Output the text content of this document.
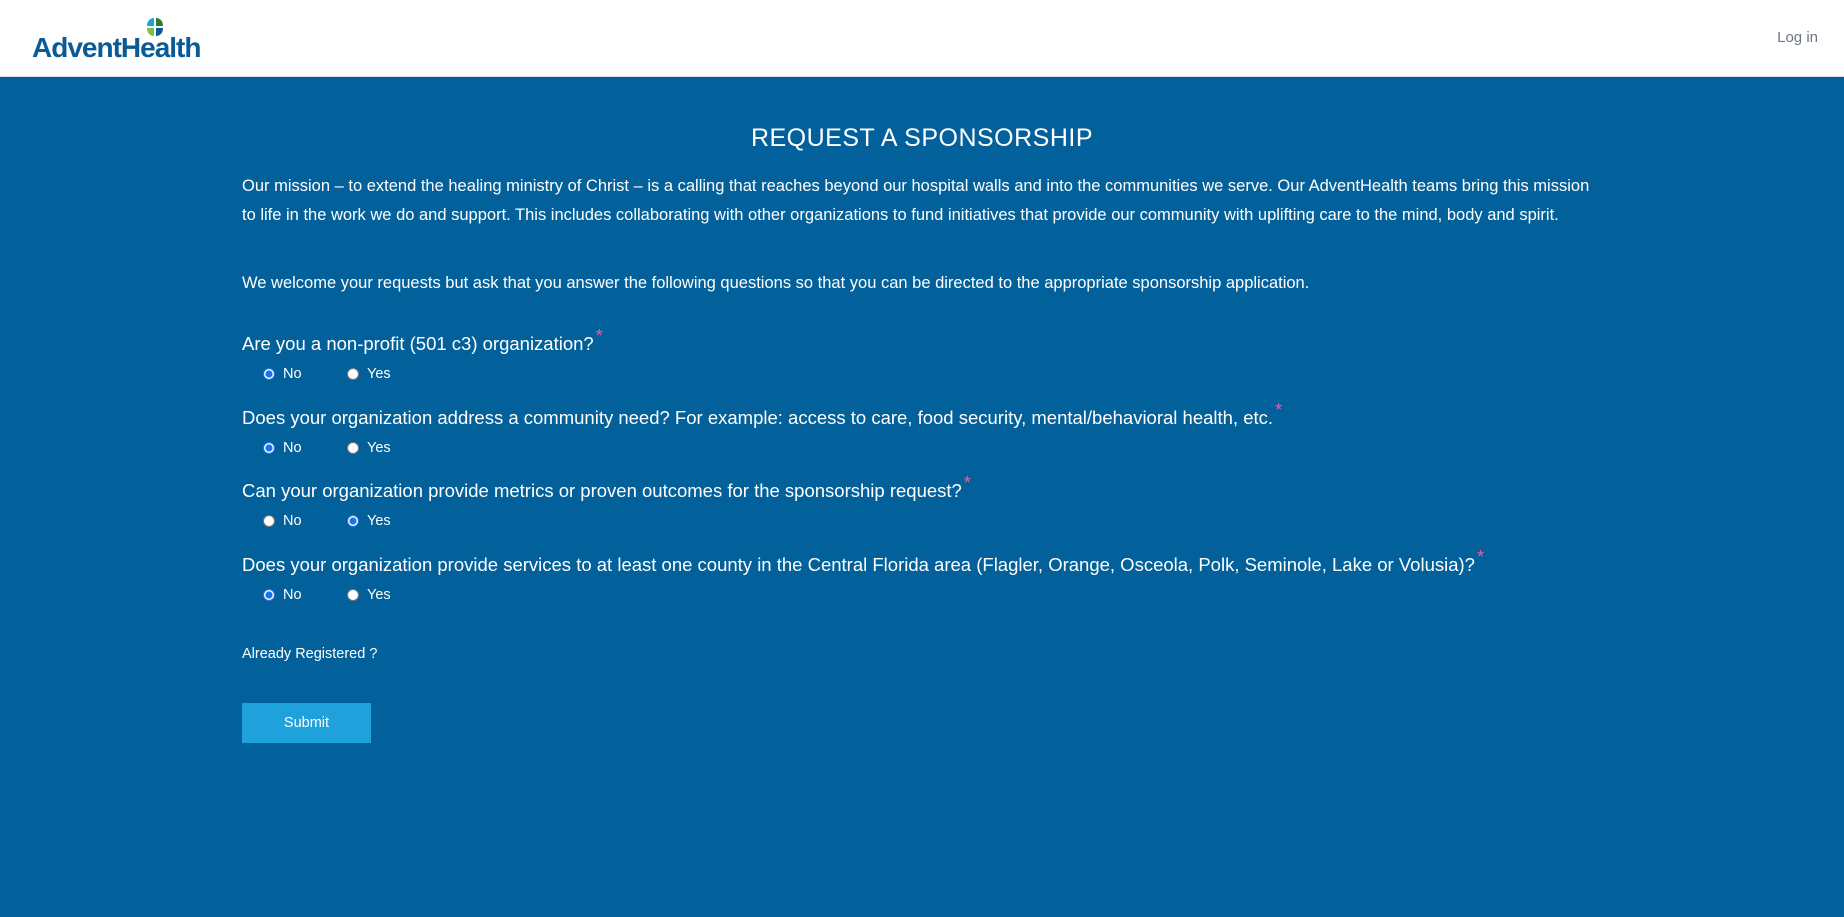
AdventHealth	Log in
REQUEST A SPONSORSHIP

Our mission – to extend the healing ministry of Christ – is a calling that reaches beyond our hospital walls and into the communities we serve. Our AdventHealth teams bring this mission to life in the work we do and support. This includes collaborating with other organizations to fund initiatives that provide our community with uplifting care to the mind, body and spirit.

We welcome your requests but ask that you answer the following questions so that you can be directed to the appropriate sponsorship application.

Are you a non-profit (501 c3) organization? *
No	Yes
Does your organization address a community need? For example: access to care, food security, mental/behavioral health, etc. *
No	Yes
Can your organization provide metrics or proven outcomes for the sponsorship request? *
No	Yes
Does your organization provide services to at least one county in the Central Florida area (Flagler, Orange, Osceola, Polk, Seminole, Lake or Volusia)? *
No	Yes
Already Registered ?
Submit
